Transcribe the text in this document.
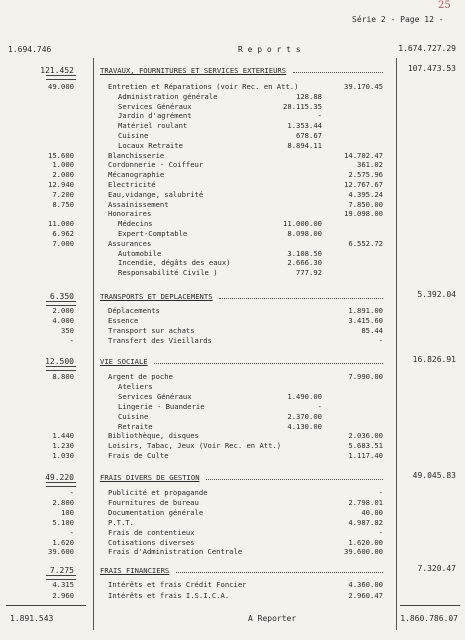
Série 2 - Page 12 -
25
R e p o r t s
1.694.746	1.674.727.29
1.891.543	A Reporter	1.860.786.07
121.452	TRAVAUX, FOURNITURES ET SERVICES EXTERIEURS	107.473.53
49.000	Entretien et Réparations (voir Rec. en Att.)	39.170.45
Administration générale	128.88
Services Généraux	28.115.35
Jardin d'agrément	-
Matériel roulant	1.353.44
Cuisine	678.67
Locaux Retraite	8.894.11
15.600	Blanchisserie	14.702.47
1.000	Cordonnerie - Coiffeur	361.02
2.000	Mécanographie	2.575.96
12.940	Electricité	12.767.67
7.200	Eau,vidange, salubrité	4.395.24
8.750	Assainissement	7.850.00
Honoraires	19.098.00
11.000	Médecins	11.000.00
6.962	Expert-Comptable	8.098.00
7.000	Assurances	6.552.72
Automobile	3.108.50
Incendie, dégâts des eaux)	2.666.30
Responsabilité Civile )	777.92
6.350	TRANSPORTS ET DEPLACEMENTS	5.392.04
2.000	Déplacements	1.891.00
4.000	Essence	3.415.60
350	Transport sur achats	85.44
-	Transfert des Vieillards	-
12.500	VIE SOCIALE	16.826.91
8.800	Argent de poche	7.990.00
Ateliers
Services Généraux	1.490.00
Lingerie - Buanderie	-
Cuisine	2.370.00
Retraite	4.130.00
1.440	Bibliothèque, disques	2.036.00
1.230	Loisirs, Tabac, Jeux (Voir Rec. en Att.)	5.683.51
1.030	Frais de Culte	1.117.40
49.220	FRAIS DIVERS DE GESTION	49.045.83
-	Publicité et propagande	-
2.800	Fournitures de bureau	2.798.01
100	Documentation générale	40.00
5.100	P.T.T.	4.987.82
-	Frais de contentieux	-
1.620	Cotisations diverses	1.620.00
39.600	Frais d'Administration Centrale	39.600.00
7.275	FRAIS FINANCIERS	7.320.47
4.315	Intérêts et frais Crédit Foncier	4.360.00
2.960	Intérêts et frais I.S.I.C.A.	2.960.47
